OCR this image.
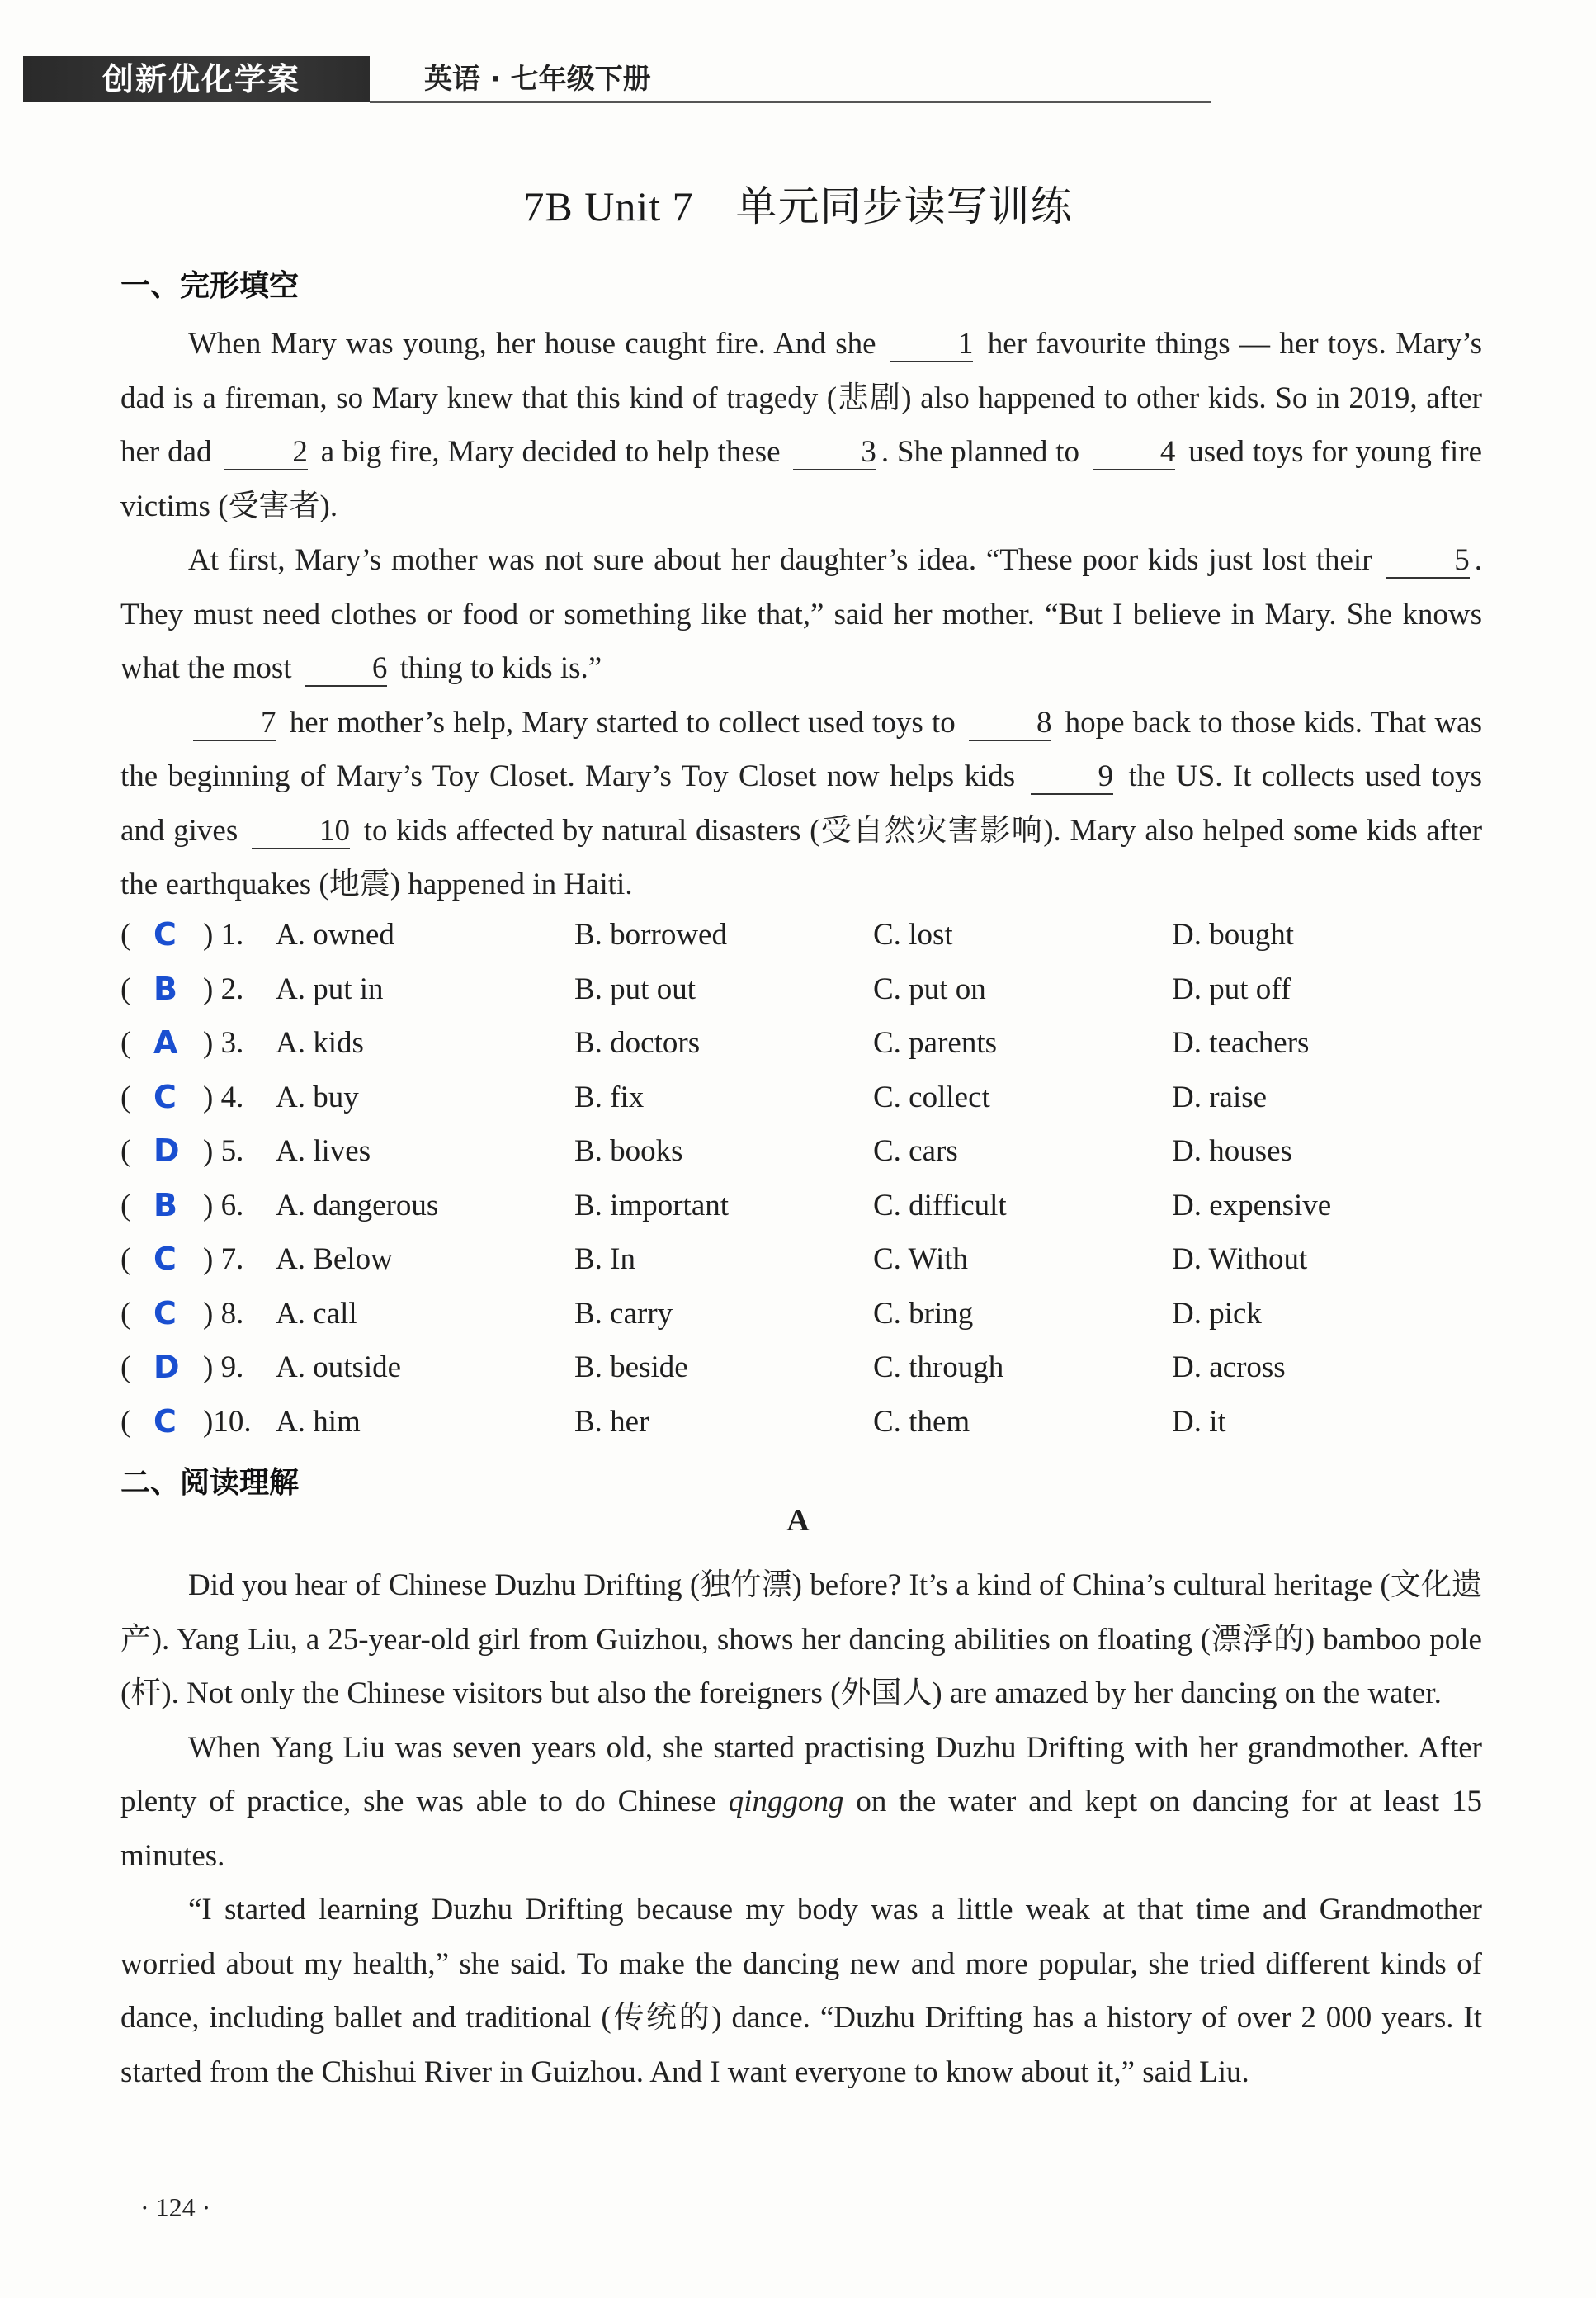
创新优化学案	英语 · 七年级下册
7B Unit 7　单元同步读写训练
一、完形填空

When Mary was young, her house caught fire. And she	1 her favourite things — her toys. Mary’s dad is a fireman, so Mary knew that this kind of tragedy (悲剧) also happened to other kids. So in 2019, after her dad	2 a big fire, Mary decided to help these	3 . She planned to	4 used toys for young fire victims (受害者).

At first, Mary’s mother was not sure about her daughter’s idea. “These poor kids just lost their	5 . They must need clothes or food or something like that,” said her mother. “But I believe in Mary. She knows what the most	6 thing to kids is.”

7 her mother’s help, Mary started to collect used toys to	8 hope back to those kids. That was the beginning of Mary’s Toy Closet. Mary’s Toy Closet now helps kids	9 the US. It collects used toys and gives	10 to kids affected by natural disasters (受自然灾害影响). Mary also helped some kids after the earthquakes (地震) happened in Haiti.

( C ) 1. A. owned	B. borrowed	C. lost	D. bought
( B ) 2. A. put in	B. put out	C. put on	D. put off
( A ) 3. A. kids	B. doctors	C. parents	D. teachers
( C ) 4. A. buy	B. fix	C. collect	D. raise
( D ) 5. A. lives	B. books	C. cars	D. houses
( B ) 6. A. dangerous	B. important	C. difficult	D. expensive
( C ) 7. A. Below	B. In	C. With	D. Without
( C ) 8. A. call	B. carry	C. bring	D. pick
( D ) 9. A. outside	B. beside	C. through	D. across
( C )10. A. him	B. her	C. them	D. it
二、阅读理解
A

Did you hear of Chinese Duzhu Drifting (独竹漂) before? It’s a kind of China’s cultural heritage (文化遗产). Yang Liu, a 25-year-old girl from Guizhou, shows her dancing abilities on floating (漂浮的) bamboo pole (杆). Not only the Chinese visitors but also the foreigners (外国人) are amazed by her dancing on the water.

When Yang Liu was seven years old, she started practising Duzhu Drifting with her grandmother. After plenty of practice, she was able to do Chinese qinggong on the water and kept on dancing for at least 15 minutes.

“I started learning Duzhu Drifting because my body was a little weak at that time and Grandmother worried about my health,” she said. To make the dancing new and more popular, she tried different kinds of dance, including ballet and traditional (传统的) dance. “Duzhu Drifting has a history of over 2 000 years. It started from the Chishui River in Guizhou. And I want everyone to know about it,” said Liu.

· 124 ·
